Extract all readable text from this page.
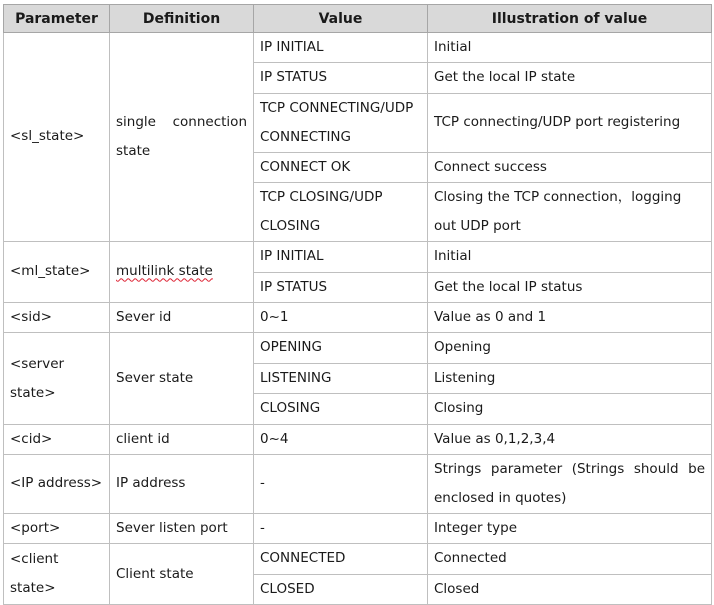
Parameter	Definition	Value	Illustration of value
<sl_state>	single connection state	IP INITIAL	Initial
		IP STATUS	Get the local IP state
		TCP CONNECTING/UDP CONNECTING	TCP connecting/UDP port registering

		CONNECT OK	Connect success
		TCP CLOSING/UDP CLOSING	Closing the TCP connection，logging out UDP port

<ml_state>	multilink state	IP INITIAL	Initial
		IP STATUS	Get the local IP status
<sid>	Sever id	0~1	Value as 0 and 1
<server state>	Sever state	OPENING	Opening
		LISTENING	Listening
		CLOSING	Closing
<cid>	client id	0~4	Value as 0,1,2,3,4
<IP address>	IP address	-	Strings parameter (Strings should be enclosed in quotes)

<port>	Sever listen port	-	Integer type
<client state>	Client state	CONNECTED	Connected
		CLOSED	Closed
